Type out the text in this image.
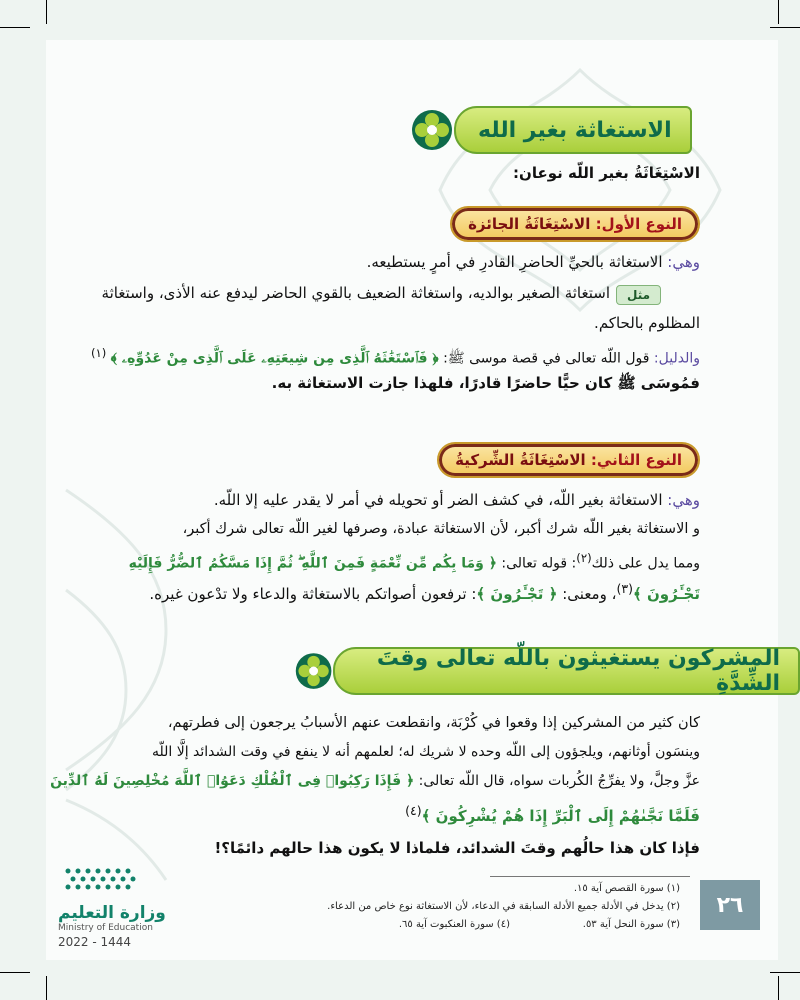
الاستغاثة بغير الله
الاسْتِغَاثَةُ بغير اللّه نوعان:
النوع الأول:

الاسْتِغَاثَةُ الجائزة
وهي: الاستغاثة بالحيِّ الحاضرِ القادرِ في أمرٍ يستطيعه.
مثل
استغاثة الصغير بوالديه، واستغاثة الضعيف بالقوي الحاضر ليدفع عنه الأذى، واستغاثة
المظلوم بالحاكم.
والدليل: قول اللّه تعالى في قصة موسى ﷺ: ﴿ فَٱسْتَغَٰثَهُ ٱلَّذِى مِن شِيعَتِهِۦ عَلَى ٱلَّذِى مِنْ عَدُوِّهِۦ ﴾ $^{(١)}$
فمُوسَى ﷺ كان حيًّا حاضرًا قادرًا، فلهذا جازت الاستغاثة به.
النوع الثاني:

الاسْتِغَاثَةُ الشِّركيةُ
وهي: الاستغاثة بغير اللّه، في كشف الضر أو تحويله في أمر لا يقدر عليه إلا اللّه.
و الاستغاثة بغير اللّه شرك أكبر، لأن الاستغاثة عبادة، وصرفها لغير اللّه تعالى شرك أكبر،
ومما يدل على ذلك$^{(٢)}$: قوله تعالى: ﴿ وَمَا بِكُم مِّن نِّعْمَةٍ فَمِنَ ٱللَّهِ ۖ ثُمَّ إِذَا مَسَّكُمُ ٱلضُّرُّ فَإِلَيْهِ
تَجْـَٔرُونَ ﴾$^{(٣)}$، ومعنى: ﴿ تَجْـَٔرُونَ ﴾: ترفعون أصواتكم بالاستغاثة والدعاء ولا تدْعون غيره.
المشركون يستغيثون باللّه تعالى وقتَ الشِّدَّةِ
كان كثير من المشركين إذا وقعوا في كُرْبَة، وانقطعت عنهم الأسبابُ يرجعون إلى فطرتهم،
وينسَون أوثانهم، ويلجؤون إلى اللّه وحده لا شريك له؛ لعلمهم أنه لا ينفع في وقت الشدائد إلَّا اللّه
عزَّ وجلَّ، ولا يفرِّجُ الكُربات سواه، قال اللّه تعالى: ﴿ فَإِذَا رَكِبُوا۟ فِى ٱلْفُلْكِ دَعَوُا۟ ٱللَّهَ مُخْلِصِينَ لَهُ ٱلدِّينَ
فَلَمَّا نَجَّىٰهُمْ إِلَى ٱلْبَرِّ إِذَا هُمْ يُشْرِكُونَ ﴾$^{(٤)}$
فإذا كان هذا حالُهم وقتَ الشدائد، فلماذا لا يكون هذا حالهم دائمًا؟!
(١) سورة القصص آية ١٥.
(٢) يدخل في الأدلة جميع الأدلة السابقة في الدعاء، لأن الاستغاثة نوع خاص من الدعاء.
(٣) سورة النحل آية ٥٣.
(٤) سورة العنكبوت آية ٦٥.
٢٦
وزارة التعليم
Ministry of Education
2022 - 1444
